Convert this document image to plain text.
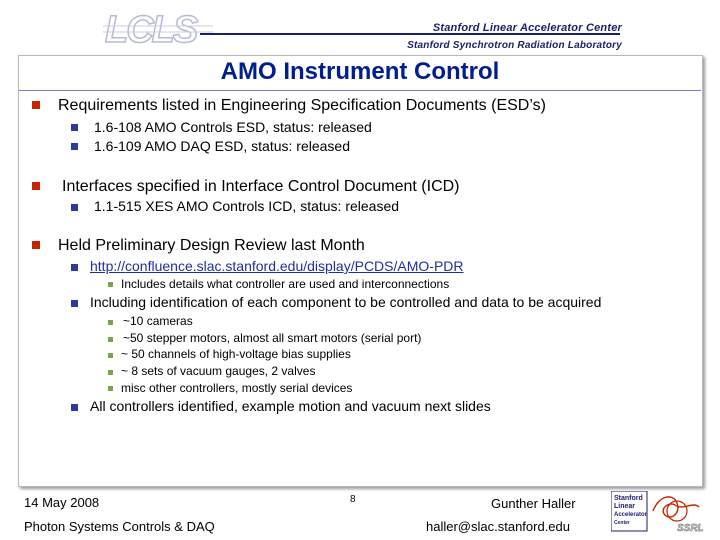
LCLS	Stanford Linear Accelerator Center
Stanford Synchrotron Radiation Laboratory
AMO Instrument Control
Requirements listed in Engineering Specification Documents (ESD’s)
1.6-108 AMO Controls ESD, status: released
1.6-109 AMO DAQ ESD, status: released
Interfaces specified in Interface Control Document (ICD)
1.1-515 XES AMO Controls ICD, status: released
Held Preliminary Design Review last Month
http://confluence.slac.stanford.edu/display/PCDS/AMO-PDR
Includes details what controller are used and interconnections
Including identification of each component to be controlled and data to be acquired
~10 cameras
~50 stepper motors, almost all smart motors (serial port)
~ 50 channels of high-voltage bias supplies
~ 8 sets of vacuum gauges, 2 valves
misc other controllers, mostly serial devices
All controllers identified, example motion and vacuum next slides
14 May 2008
Photon Systems Controls & DAQ
8	Gunther Haller
haller@slac.stanford.edu
Stanford
Linear
Accelerator
Center	SSRL
